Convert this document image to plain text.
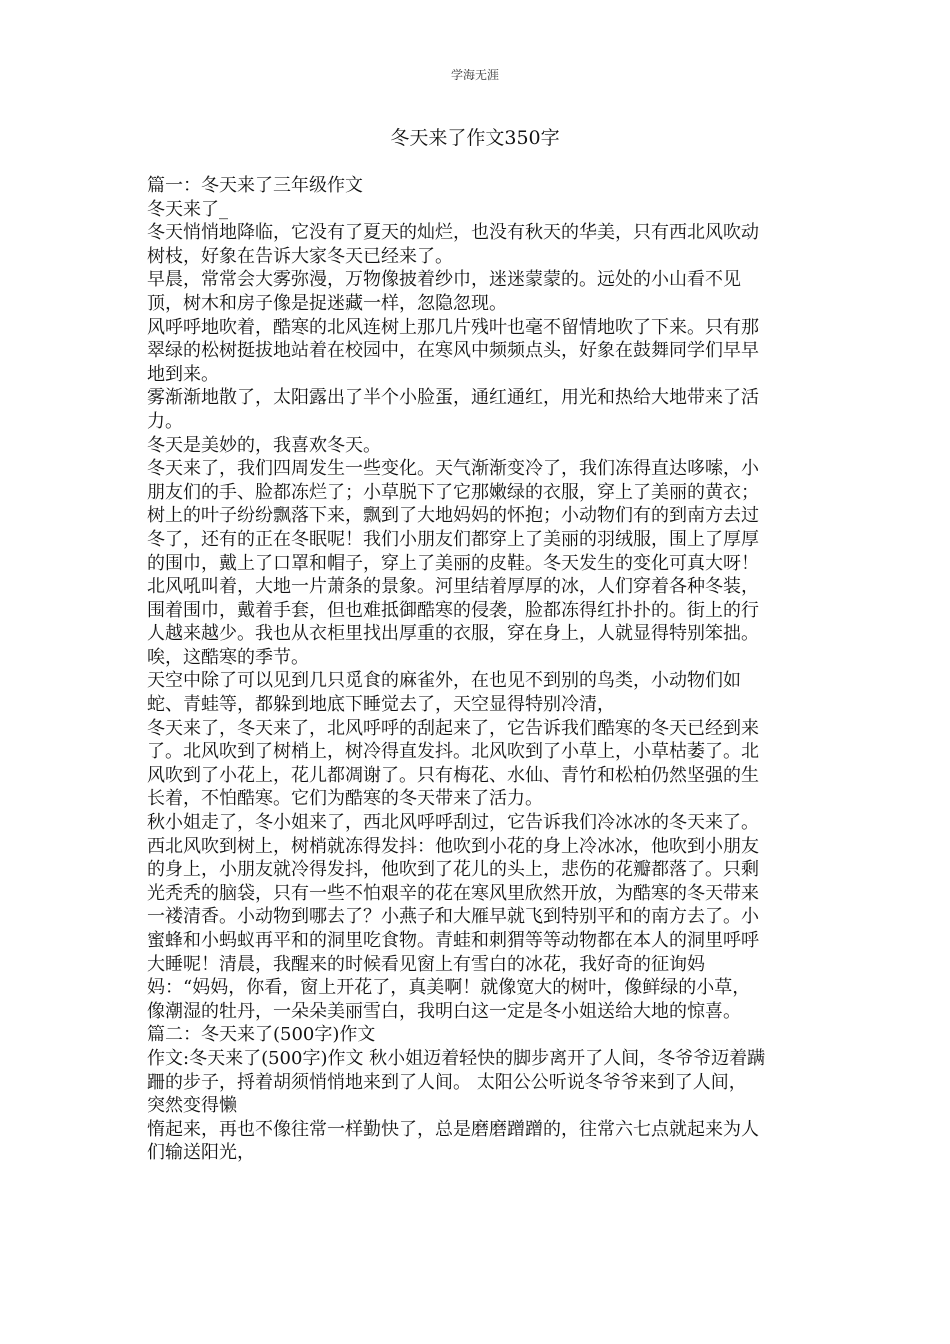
学海无涯
冬天来了作文350字
篇一：冬天来了三年级作文
冬天来了_
冬天悄悄地降临，它没有了夏天的灿烂，也没有秋天的华美，只有西北风吹动
树枝，好象在告诉大家冬天已经来了。
早晨，常常会大雾弥漫，万物像披着纱巾，迷迷蒙蒙的。远处的小山看不见
顶，树木和房子像是捉迷藏一样，忽隐忽现。
风呼呼地吹着，酷寒的北风连树上那几片残叶也毫不留情地吹了下来。只有那
翠绿的松树挺拔地站着在校园中，在寒风中频频点头，好象在鼓舞同学们早早
地到来。
雾渐渐地散了，太阳露出了半个小脸蛋，通红通红，用光和热给大地带来了活
力。
冬天是美妙的，我喜欢冬天。
冬天来了，我们四周发生一些变化。天气渐渐变冷了，我们冻得直达哆嗦，小
朋友们的手、脸都冻烂了；小草脱下了它那嫩绿的衣服，穿上了美丽的黄衣；
树上的叶子纷纷飘落下来，飘到了大地妈妈的怀抱；小动物们有的到南方去过
冬了，还有的正在冬眠呢！我们小朋友们都穿上了美丽的羽绒服，围上了厚厚
的围巾，戴上了口罩和帽子，穿上了美丽的皮鞋。冬天发生的变化可真大呀！
北风吼叫着，大地一片萧条的景象。河里结着厚厚的冰，人们穿着各种冬装，
围着围巾，戴着手套，但也难抵御酷寒的侵袭，脸都冻得红扑扑的。街上的行
人越来越少。我也从衣柜里找出厚重的衣服，穿在身上，人就显得特别笨拙。
唉，这酷寒的季节。
天空中除了可以见到几只觅食的麻雀外，在也见不到别的鸟类，小动物们如
蛇、青蛙等，都躲到地底下睡觉去了，天空显得特别冷清，
冬天来了，冬天来了，北风呼呼的刮起来了，它告诉我们酷寒的冬天已经到来
了。北风吹到了树梢上，树冷得直发抖。北风吹到了小草上，小草枯萎了。北
风吹到了小花上，花儿都凋谢了。只有梅花、水仙、青竹和松柏仍然坚强的生
长着，不怕酷寒。它们为酷寒的冬天带来了活力。
秋小姐走了，冬小姐来了，西北风呼呼刮过，它告诉我们冷冰冰的冬天来了。
西北风吹到树上，树梢就冻得发抖：他吹到小花的身上冷冰冰，他吹到小朋友
的身上，小朋友就冷得发抖，他吹到了花儿的头上，悲伤的花瓣都落了。只剩
光秃秃的脑袋，只有一些不怕艰辛的花在寒风里欣然开放，为酷寒的冬天带来
一褛清香。小动物到哪去了？小燕子和大雁早就飞到特别平和的南方去了。小
蜜蜂和小蚂蚁再平和的洞里吃食物。青蛙和刺猬等等动物都在本人的洞里呼呼
大睡呢！清晨，我醒来的时候看见窗上有雪白的冰花，我好奇的征询妈
妈：“妈妈，你看，窗上开花了，真美啊！就像宽大的树叶，像鲜绿的小草，
像潮湿的牡丹，一朵朵美丽雪白，我明白这一定是冬小姐送给大地的惊喜。
篇二：冬天来了(500字)作文
作文:冬天来了(500字)作文 秋小姐迈着轻快的脚步离开了人间，冬爷爷迈着蹒
跚的步子，捋着胡须悄悄地来到了人间。 太阳公公听说冬爷爷来到了人间，
突然变得懒
惰起来，再也不像往常一样勤快了，总是磨磨蹭蹭的，往常六七点就起来为人
们输送阳光，
